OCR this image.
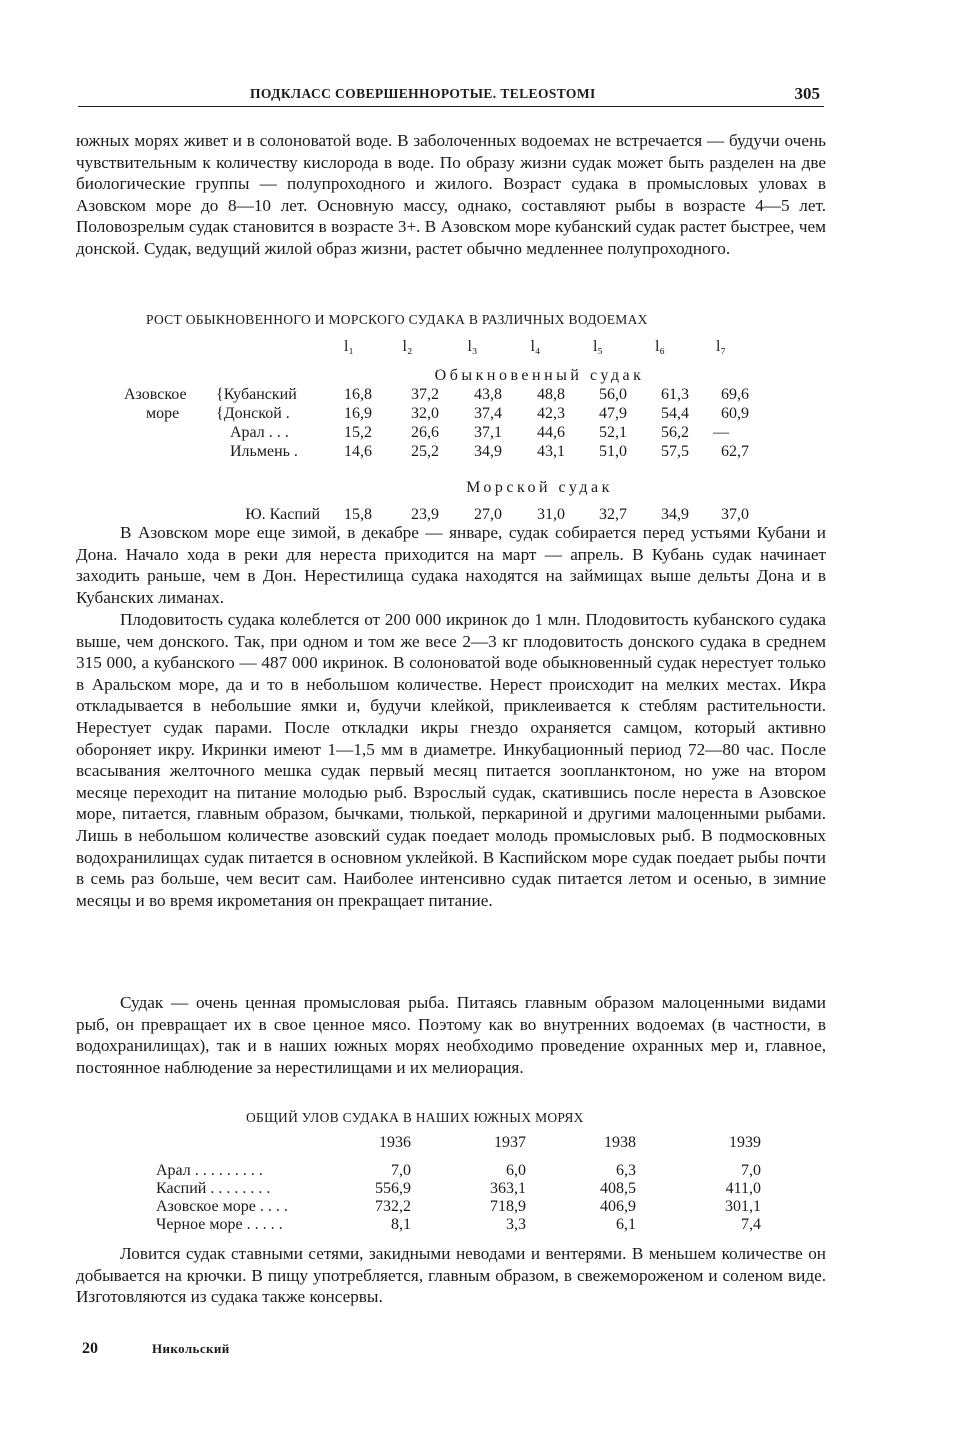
ПОДКЛАСС СОВЕРШЕННОРОТЫЕ. TELEOSTOMI	305

южных морях живет и в солоноватой воде. В заболоченных водоемах не встречается — будучи очень чувствительным к количеству кислорода в воде. По образу жизни судак может быть разделен на две биологические группы — полупроходного и жилого. Возраст судака в промысловых уловах в Азовском море до 8—10 лет. Основную массу, однако, составляют рыбы в возрасте 4—5 лет. Половозрелым судак становится в возрасте 3+. В Азовском море кубанский судак растет быстрее, чем донской. Судак, ведущий жилой образ жизни, растет обычно медленнее полупроходного.

РОСТ ОБЫКНОВЕННОГО И МОРСКОГО СУДАКА В РАЗЛИЧНЫХ ВОДОЕМАХ
		l₁	l₂	l₃	l₄	l₅	l₆	l₇
		Обыкновенный судак						
Азовское	{Кубанский	16,8	37,2	43,8	48,8	56,0	61,3	69,6
море	{Донской .	16,9	32,0	37,4	42,3	47,9	54,4	60,9
	Арал . . .	15,2	26,6	37,1	44,6	52,1	56,2	—
	Ильмень .	14,6	25,2	34,9	43,1	51,0	57,5	62,7
		Морской судак						
	Ю. Каспий	15,8	23,9	27,0	31,0	32,7	34,9	37,0

В Азовском море еще зимой, в декабре — январе, судак собирается перед устьями Кубани и Дона. Начало хода в реки для нереста приходится на март — апрель. В Кубань судак начинает заходить раньше, чем в Дон. Нерестилища судака находятся на займищах выше дельты Дона и в Кубанских лиманах.

Плодовитость судака колеблется от 200 000 икринок до 1 млн. Плодовитость кубанского судака выше, чем донского. Так, при одном и том же весе 2—3 кг плодовитость донского судака в среднем 315 000, а кубанского — 487 000 икринок. В солоноватой воде обыкновенный судак нерестует только в Аральском море, да и то в небольшом количестве. Нерест происходит на мелких местах. Икра откладывается в небольшие ямки и, будучи клейкой, приклеивается к стеблям растительности. Нерестует судак парами. После откладки икры гнездо охраняется самцом, который активно обороняет икру. Икринки имеют 1—1,5 мм в диаметре. Инкубационный период 72—80 час. После всасывания желточного мешка судак первый месяц питается зоопланктоном, но уже на втором месяце переходит на питание молодью рыб. Взрослый судак, скатившись после нереста в Азовское море, питается, главным образом, бычками, тюлькой, перкариной и другими малоценными рыбами. Лишь в небольшом количестве азовский судак поедает молодь промысловых рыб. В подмосковных водохранилищах судак питается в основном уклейкой. В Каспийском море судак поедает рыбы почти в семь раз больше, чем весит сам. Наиболее интенсивно судак питается летом и осенью, в зимние месяцы и во время икрометания он прекращает питание.

Судак — очень ценная промысловая рыба. Питаясь главным образом малоценными видами рыб, он превращает их в свое ценное мясо. Поэтому как во внутренних водоемах (в частности, в водохранилищах), так и в наших южных морях необходимо проведение охранных мер и, главное, постоянное наблюдение за нерестилищами и их мелиорация.

ОБЩИЙ УЛОВ СУДАКА В НАШИХ ЮЖНЫХ МОРЯХ
	1936	1937	1938	1939

Арал . . . . . . . . .	7,0	6,0	6,3	7,0
Каспий . . . . . . . .	556,9	363,1	408,5	411,0
Азовское море . . . .	732,2	718,9	406,9	301,1
Черное море . . . . .	8,1	3,3	6,1	7,4

Ловится судак ставными сетями, закидными неводами и вентерями. В меньшем количестве он добывается на крючки. В пищу употребляется, главным образом, в свежемороженом и соленом виде. Изготовляются из судака также консервы.

20	Никольский
